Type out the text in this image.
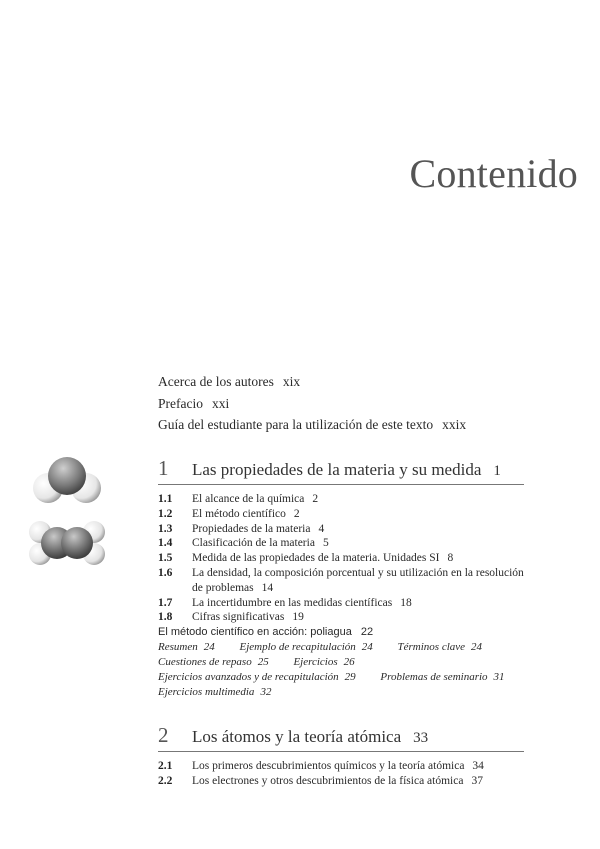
Contenido
Acerca de los autores xix
Prefacio xxi
Guía del estudiante para la utilización de este texto xxix
1	Las propiedades de la materia y su medida 1
1.1	El alcance de la química 2
1.2	El método científico 2
1.3	Propiedades de la materia 4
1.4	Clasificación de la materia 5
1.5	Medida de las propiedades de la materia. Unidades SI 8
1.6	La densidad, la composición porcentual y su utilización en la resolución de problemas 14
1.7	La incertidumbre en las medidas científicas 18
1.8	Cifras significativas 19
El método científico en acción: poliagua 22
Resumen 24 Ejemplo de recapitulación 24 Términos clave 24
Cuestiones de repaso 25 Ejercicios 26
Ejercicios avanzados y de recapitulación 29 Problemas de seminario 31
Ejercicios multimedia 32
2	Los átomos y la teoría atómica 33
2.1	Los primeros descubrimientos químicos y la teoría atómica 34
2.2	Los electrones y otros descubrimientos de la física atómica 37
